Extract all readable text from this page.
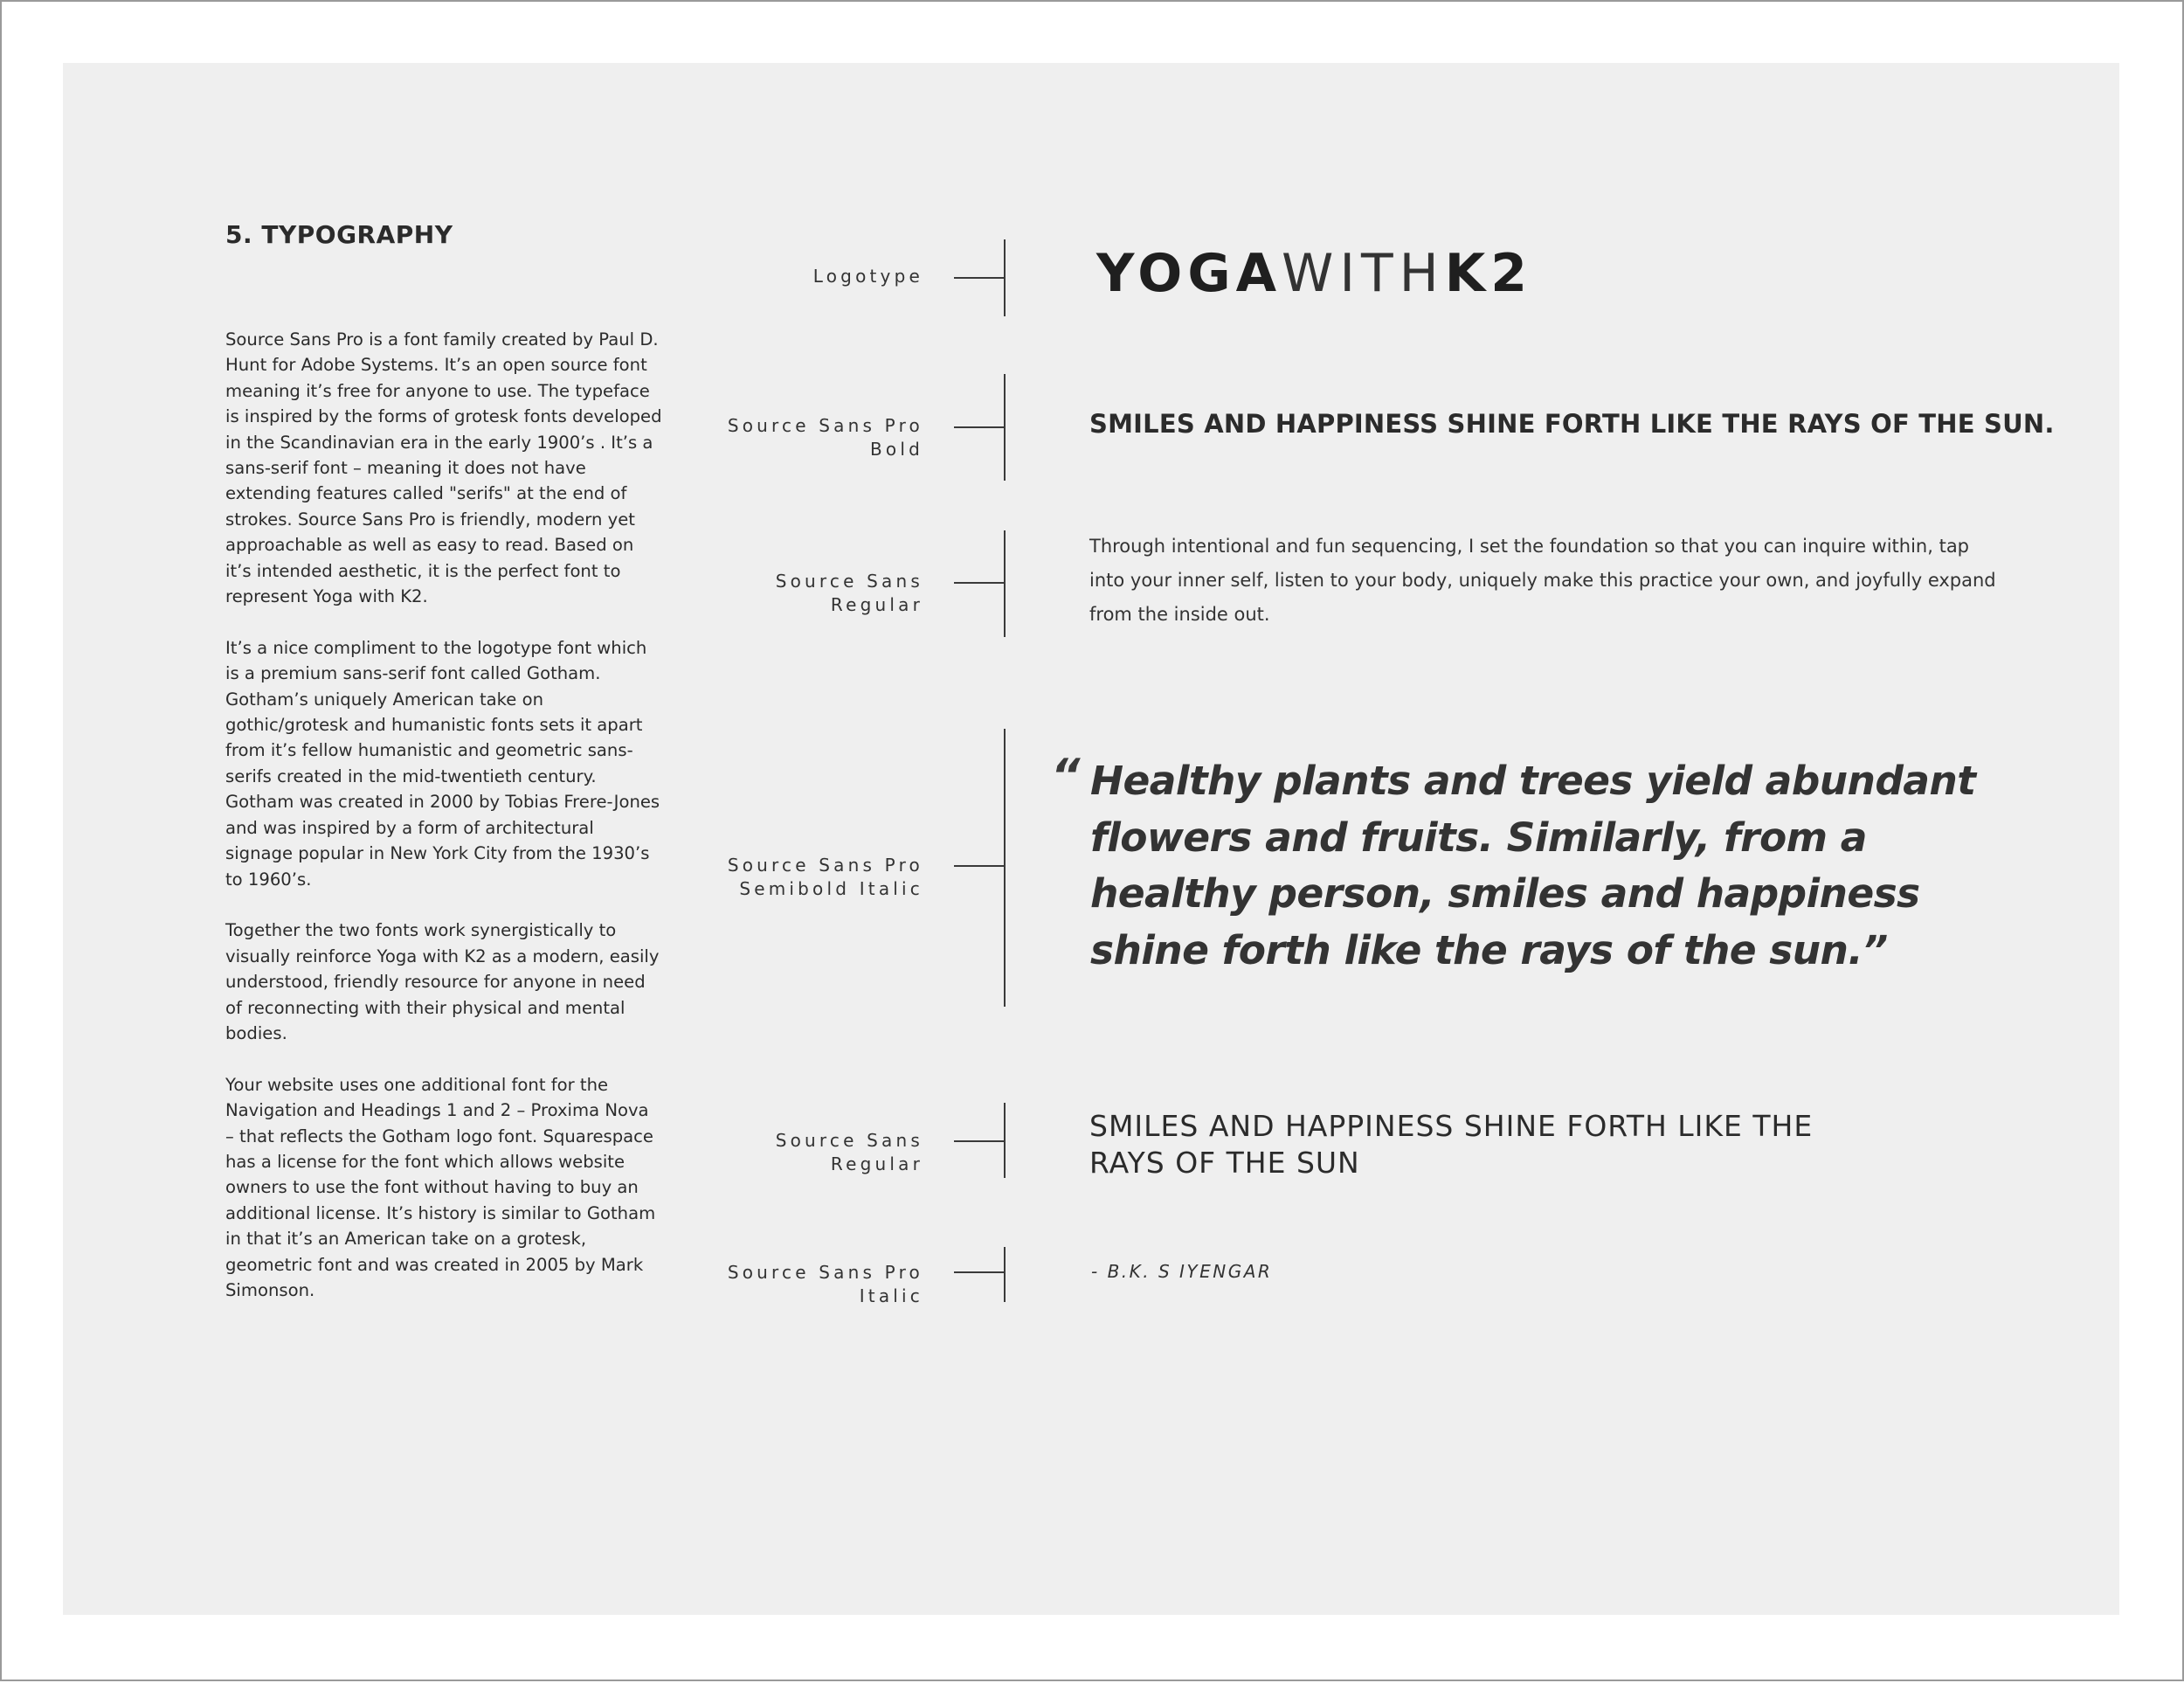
5. TYPOGRAPHY

Source Sans Pro is a font family created by Paul D. Hunt for Adobe Systems. It’s an open source font meaning it’s free for anyone to use. The typeface is inspired by the forms of grotesk fonts developed in the Scandinavian era in the early 1900’s . It’s a sans-serif font – meaning it does not have extending features called "serifs" at the end of strokes. Source Sans Pro is friendly, modern yet approachable as well as easy to read. Based on it’s intended aesthetic, it is the perfect font to represent Yoga with K2.

It’s a nice compliment to the logotype font which is a premium sans-serif font called Gotham. Gotham’s uniquely American take on gothic/grotesk and humanistic fonts sets it apart from it’s fellow humanistic and geometric sans-serifs created in the mid-twentieth century. Gotham was created in 2000 by Tobias Frere-Jones and was inspired by a form of architectural signage popular in New York City from the 1930’s to 1960’s.

Together the two fonts work synergistically to visually reinforce Yoga with K2 as a modern, easily understood, friendly resource for anyone in need of reconnecting with their physical and mental bodies.

Your website uses one additional font for the Navigation and Headings 1 and 2 – Proxima Nova – that reflects the Gotham logo font. Squarespace has a license for the font which allows website owners to use the font without having to buy an additional license. It’s history is similar to Gotham in that it’s an American take on a grotesk, geometric font and was created in 2005 by Mark Simonson.

Logotype	YOGAWITHK2
Source Sans Pro
Bold
SMILES AND HAPPINESS SHINE FORTH LIKE THE RAYS OF THE SUN.
Source Sans
Regular
Through intentional and fun sequencing, I set the foundation so that you can inquire within, tap into your inner self, listen to your body, uniquely make this practice your own, and joyfully expand from the inside out.
Source Sans Pro
Semibold Italic
“ Healthy plants and trees yield abundant flowers and fruits. Similarly, from a healthy person, smiles and happiness shine forth like the rays of the sun.”
Source Sans
Regular
SMILES AND HAPPINESS SHINE FORTH LIKE THE RAYS OF THE SUN
Source Sans Pro
Italic
- B.K. S IYENGAR
